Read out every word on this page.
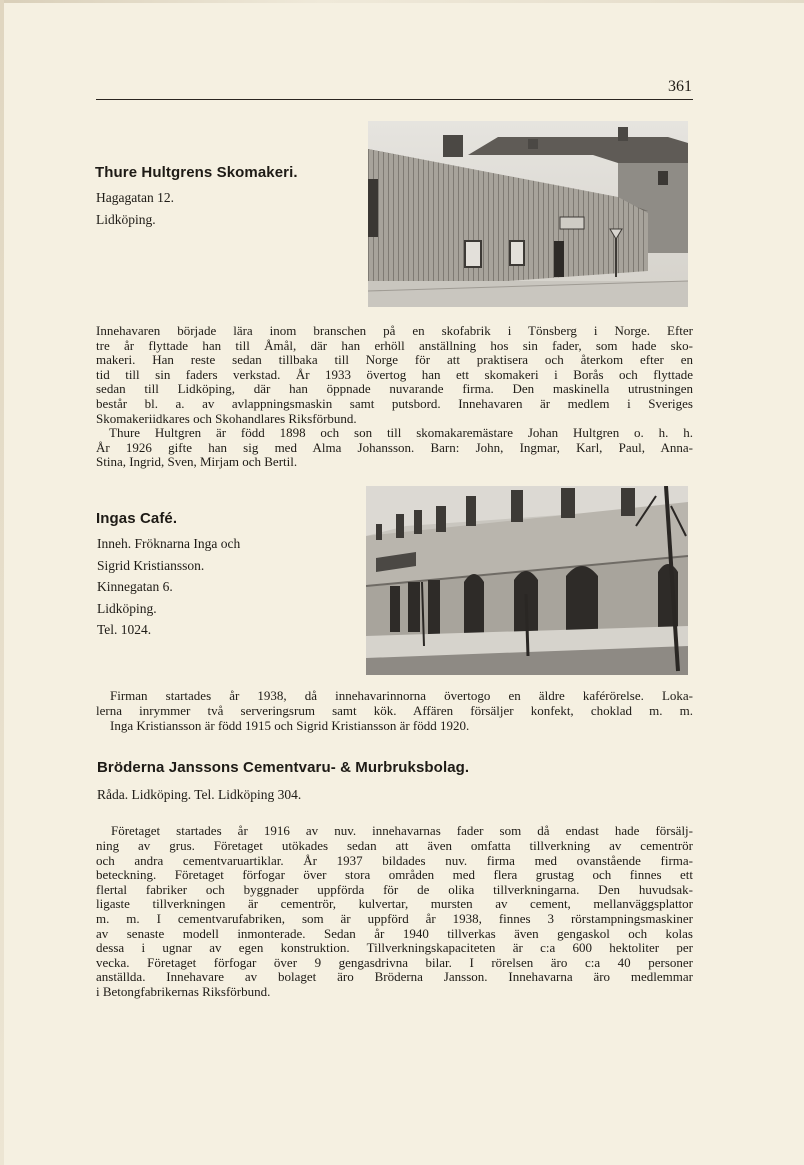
361
Thure Hultgrens Skomakeri.
Hagagatan 12.
Lidköping.
Innehavaren började lära inom branschen på en skofabrik i Tönsberg i Norge. Efter
tre år flyttade han till Åmål, där han erhöll anställning hos sin fader, som hade sko-
makeri. Han reste sedan tillbaka till Norge för att praktisera och återkom efter en
tid till sin faders verkstad. År 1933 övertog han ett skomakeri i Borås och flyttade
sedan till Lidköping, där han öppnade nuvarande firma. Den maskinella utrustningen
består bl. a. av avlappningsmaskin samt putsbord. Innehavaren är medlem i Sveriges
Skomakeriidkares och Skohandlares Riksförbund.
Thure Hultgren är född 1898 och son till skomakaremästare Johan Hultgren o. h. h.
År 1926 gifte han sig med Alma Johansson. Barn: John, Ingmar, Karl, Paul, Anna-
Stina, Ingrid, Sven, Mirjam och Bertil.
Ingas Café.
Inneh. Fröknarna Inga och
Sigrid Kristiansson.
Kinnegatan 6.
Lidköping.
Tel. 1024.
Firman startades år 1938, då innehavarinnorna övertogo en äldre kaférörelse. Loka-
lerna inrymmer två serveringsrum samt kök. Affären försäljer konfekt, choklad m. m.
Inga Kristiansson är född 1915 och Sigrid Kristiansson är född 1920.
Bröderna Janssons Cementvaru- & Murbruksbolag.
Råda. Lidköping. Tel. Lidköping 304.
Företaget startades år 1916 av nuv. innehavarnas fader som då endast hade försälj-
ning av grus. Företaget utökades sedan att även omfatta tillverkning av cementrör
och andra cementvaruartiklar. År 1937 bildades nuv. firma med ovanstående firma-
beteckning. Företaget förfogar över stora områden med flera grustag och finnes ett
flertal fabriker och byggnader uppförda för de olika tillverkningarna. Den huvudsak-
ligaste tillverkningen är cementrör, kulvertar, mursten av cement, mellanväggsplattor
m. m. I cementvarufabriken, som är uppförd år 1938, finnes 3 rörstampningsmaskiner
av senaste modell inmonterade. Sedan år 1940 tillverkas även gengaskol och kolas
dessa i ugnar av egen konstruktion. Tillverkningskapaciteten är c:a 600 hektoliter per
vecka. Företaget förfogar över 9 gengasdrivna bilar. I rörelsen äro c:a 40 personer
anställda. Innehavare av bolaget äro Bröderna Jansson. Innehavarna äro medlemmar
i Betongfabrikernas Riksförbund.
